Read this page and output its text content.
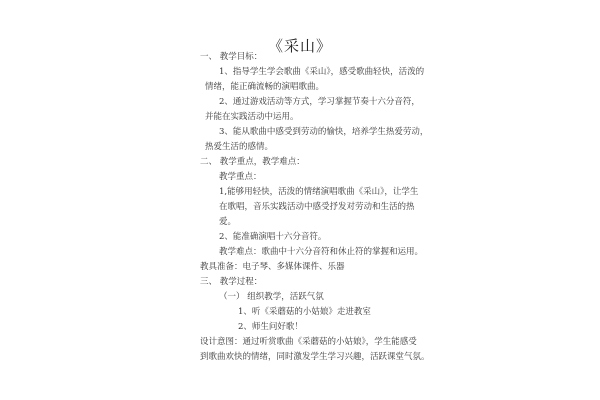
《采山》
一、 教学目标：
1、指导学生学会歌曲《采山》，感受歌曲轻快，活泼的
情绪，能正确流畅的演唱歌曲。
2、通过游戏活动等方式，学习掌握节奏十六分音符，
并能在实践活动中运用。
3、能从歌曲中感受到劳动的愉快，培养学生热爱劳动，
热爱生活的感情。
二、 教学重点，教学难点：
教学重点：
1,能够用轻快，活泼的情绪演唱歌曲《采山》，让学生
在歌唱，音乐实践活动中感受抒发对劳动和生活的热
爱。
2、能准确演唱十六分音符。
教学难点：歌曲中十六分音符和休止符的掌握和运用。
教具准备：电子琴、多媒体课件、乐器
三、 教学过程：
（一） 组织教学，活跃气氛
1、听《采蘑菇的小姑娘》走进教室
2、师生问好歌！
设计意图：通过听赏歌曲《采蘑菇的小姑娘》，学生能感受
到歌曲欢快的情绪，同时激发学生学习兴趣，活跃课堂气氛。
